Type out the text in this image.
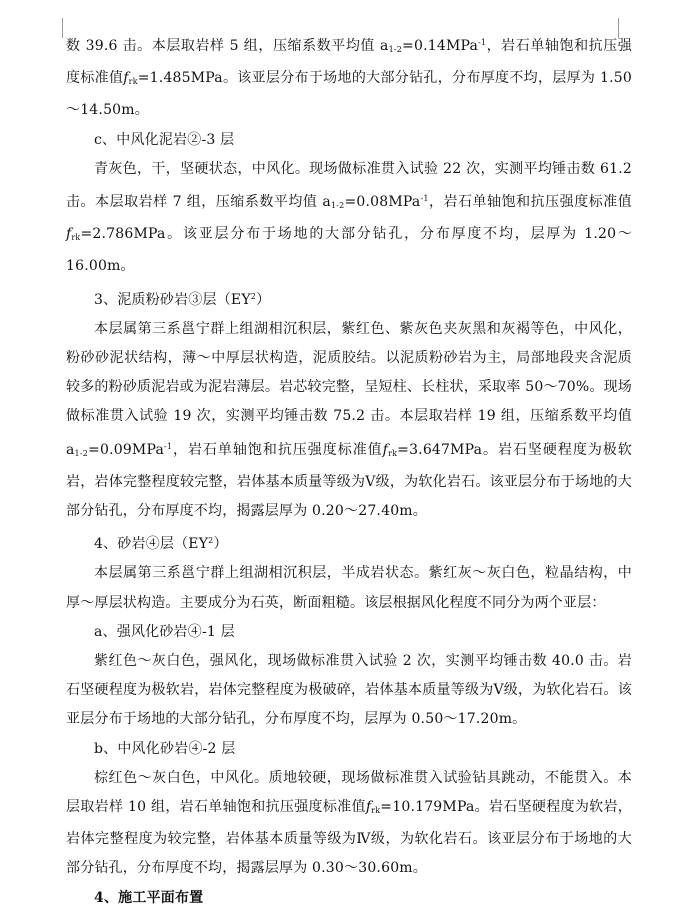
数 39.6 击。本层取岩样 5 组，压缩系数平均值 $a_{1-2}=0.14MPa^{-1}$，岩石单轴饱和抗压强度标准值$f_{rk}=1.485MPa$。该亚层分布于场地的大部分钻孔，分布厚度不均，层厚为 1.50～14.50m。

c、中风化泥岩②-3 层

青灰色，干，坚硬状态，中风化。现场做标准贯入试验 22 次，实测平均锤击数 61.2 击。本层取岩样 7 组，压缩系数平均值 $a_{1-2}=0.08MPa^{-1}$，岩石单轴饱和抗压强度标准值$f_{rk}=2.786MPa$。该亚层分布于场地的大部分钻孔，分布厚度不均，层厚为 1.20～16.00m。

3、泥质粉砂岩③层$(EY^2)$

本层属第三系邕宁群上组湖相沉积层，紫红色、紫灰色夹灰黑和灰褐等色，中风化，粉砂砂泥状结构，薄～中厚层状构造，泥质胶结。以泥质粉砂岩为主，局部地段夹含泥质较多的粉砂质泥岩或为泥岩薄层。岩芯较完整，呈短柱、长柱状，采取率 50～70%。现场做标准贯入试验 19 次，实测平均锤击数 75.2 击。本层取岩样 19 组，压缩系数平均值 $a_{1-2}=0.09MPa^{-1}$，岩石单轴饱和抗压强度标准值$f_{rk}=3.647MPa$。岩石坚硬程度为极软岩，岩体完整程度较完整，岩体基本质量等级为Ⅴ级，为软化岩石。该亚层分布于场地的大部分钻孔，分布厚度不均，揭露层厚为 0.20～27.40m。

4、砂岩④层$(EY^2)$

本层属第三系邕宁群上组湖相沉积层，半成岩状态。紫红灰～灰白色，粒晶结构，中厚～厚层状构造。主要成分为石英，断面粗糙。该层根据风化程度不同分为两个亚层：

a、强风化砂岩④-1 层

紫红色～灰白色，强风化，现场做标准贯入试验 2 次，实测平均锤击数 40.0 击。岩石坚硬程度为极软岩，岩体完整程度为极破碎，岩体基本质量等级为Ⅴ级，为软化岩石。该亚层分布于场地的大部分钻孔，分布厚度不均，层厚为 0.50～17.20m。

b、中风化砂岩④-2 层

棕红色～灰白色，中风化。质地较硬，现场做标准贯入试验钻具跳动，不能贯入。本层取岩样 10 组，岩石单轴饱和抗压强度标准值$f_{rk}=10.179MPa$。岩石坚硬程度为软岩，岩体完整程度为较完整，岩体基本质量等级为Ⅳ级，为软化岩石。该亚层分布于场地的大部分钻孔，分布厚度不均，揭露层厚为 0.30～30.60m。

4、施工平面布置
